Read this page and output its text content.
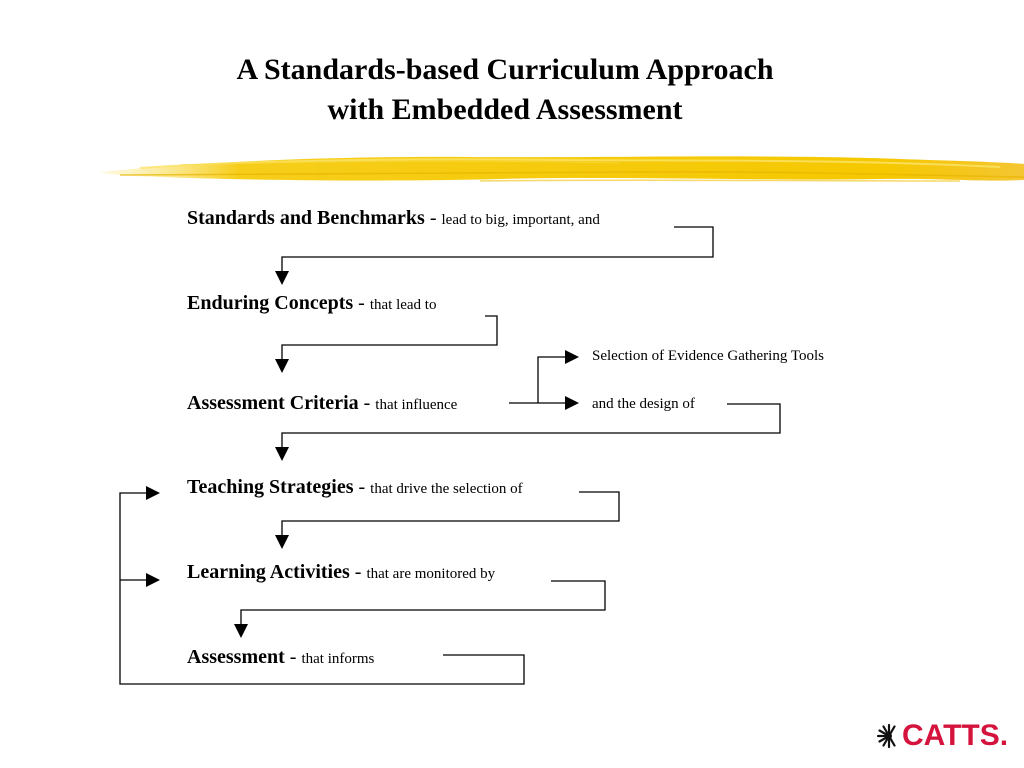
A Standards-based Curriculum Approach
with Embedded Assessment
Standards and Benchmarks - lead to big, important, and
Enduring Concepts - that lead to
Assessment Criteria - that influence
Teaching Strategies - that drive the selection of
Learning Activities - that are monitored by
Assessment - that informs
Selection of Evidence Gathering Tools
and the design of
CATTS.
